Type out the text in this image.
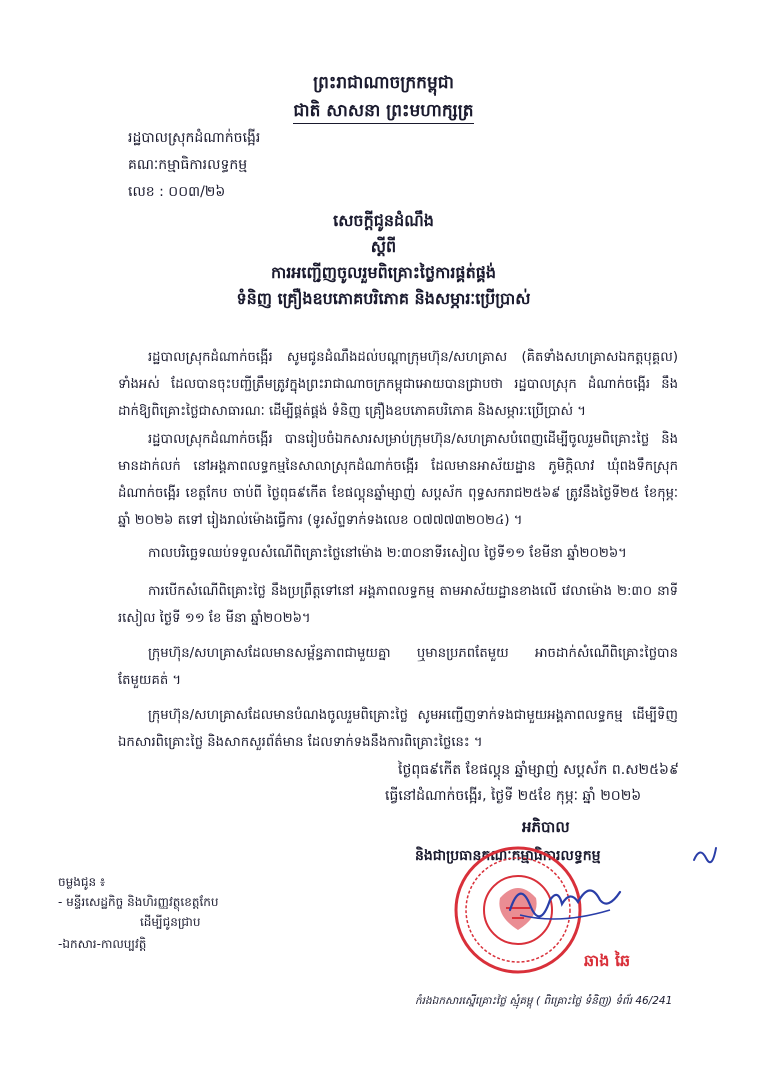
ព្រះរាជាណាចក្រកម្ពុជា
ជាតិ សាសនា ព្រះមហាក្សត្រ
រដ្ឋបាលស្រុកដំណាក់ចង្អើរ
គណៈកម្មាធិការលទ្ធកម្ម
លេខ : ០០៣/២៦
សេចក្តីជូនដំណឹង
ស្តីពី
ការអញ្ជើញចូលរួមពិគ្រោះថ្លៃការផ្គត់ផ្គង់
ទំនិញ គ្រឿងឧបភោគបរិភោគ និងសម្ភារៈប្រើប្រាស់
រដ្ឋបាលស្រុកដំណាក់ចង្អើរ សូមជូនដំណឹងដល់បណ្តាក្រុមហ៊ុន/សហគ្រាស (គិតទាំងសហគ្រាសឯកត្តបុគ្គល) ទាំងអស់ ដែលបានចុះបញ្ជីត្រឹមត្រូវក្នុងព្រះរាជាណាចក្រកម្ពុជាអោយបានជ្រាបថា រដ្ឋបាលស្រុក ដំណាក់ចង្អើរ នឹងដាក់ឱ្យពិគ្រោះថ្លៃជាសាធារណៈ ដើម្បីផ្គត់ផ្គង់ ទំនិញ គ្រឿងឧបភោគបរិភោគ និងសម្ភារៈប្រើប្រាស់ ។
រដ្ឋបាលស្រុកដំណាក់ចង្អើរ បានរៀបចំឯកសារសម្រាប់ក្រុមហ៊ុន/សហគ្រាសបំពេញដើម្បីចូលរួមពិគ្រោះថ្លៃ និងមានដាក់លក់ នៅអង្គភាពលទ្ធកម្មនៃសាលាស្រុកដំណាក់ចង្អើរ ដែលមានអាស័យដ្ឋាន ភូមិក្តិលាវ ឃុំពងទឹកស្រុកដំណាក់ចង្អើរ ខេត្តកែប ចាប់ពី ថ្ងៃពុធ៩កើត ខែផល្គុនឆ្នាំម្សាញ់ សប្តស័ក ពុទ្ធសករាជ២៥៦៩ ត្រូវនឹងថ្ងៃទី២៥ ខែកុម្ភៈ ឆ្នាំ ២០២៦ តទៅ រៀងរាល់ម៉ោងធ្វើការ (ទូរស័ព្ទទាក់ទងលេខ ០៧៧៧៣២០២៤) ។
កាលបរិច្ឆេទឈប់ទទួលសំណើពិគ្រោះថ្លៃនៅម៉ោង ២:៣០នាទីរសៀល ថ្ងៃទី១១ ខែមីនា ឆ្នាំ២០២៦។
ការបើកសំណើពិគ្រោះថ្លៃ នឹងប្រព្រឹត្តទៅនៅ អង្គភាពលទ្ធកម្ម តាមអាស័យដ្ឋានខាងលើ វេលាម៉ោង ២:៣០ នាទីរសៀល ថ្ងៃទី ១១ ខែ មីនា ឆ្នាំ២០២៦។
ក្រុមហ៊ុន/សហគ្រាសដែលមានសម្ព័ន្ធភាពជាមួយគ្នា ឬមានប្រភពតែមួយ អាចដាក់សំណើពិគ្រោះថ្លៃបានតែមួយគត់ ។
ក្រុមហ៊ុន/សហគ្រាសដែលមានបំណងចូលរួមពិគ្រោះថ្លៃ សូមអញ្ជើញទាក់ទងជាមួយអង្គភាពលទ្ធកម្ម ដើម្បីទិញឯកសារពិគ្រោះថ្លៃ និងសាកសួរព័ត៌មាន ដែលទាក់ទងនឹងការពិគ្រោះថ្លៃនេះ ។
ថ្ងៃពុធ៩កើត ខែផល្គុន ឆ្នាំម្សាញ់ សប្តស័ក ព.ស២៥៦៩
ធ្វើនៅដំណាក់ចង្អើរ, ថ្ងៃទី ២៥ខែ កុម្ភៈ ឆ្នាំ ២០២៦
អភិបាល
និងជាប្រធានគណៈកម្មាធិការលទ្ធកម្ម
ឆាង ឆៃ
ចម្លងជូន ៖
- មន្ទីរសេដ្ឋកិច្ច និងហិរញ្ញវត្ថុខេត្តកែប
ដើម្បីជូនជ្រាប
-ឯកសារ-កាលប្បវត្តិ
កំរងឯកសារស្នើគ្រោះថ្លៃ ស្មុំគម្ពុ ( ពិគ្រោះថ្លៃ ទំនិញ) ទំព័រ 46/241
